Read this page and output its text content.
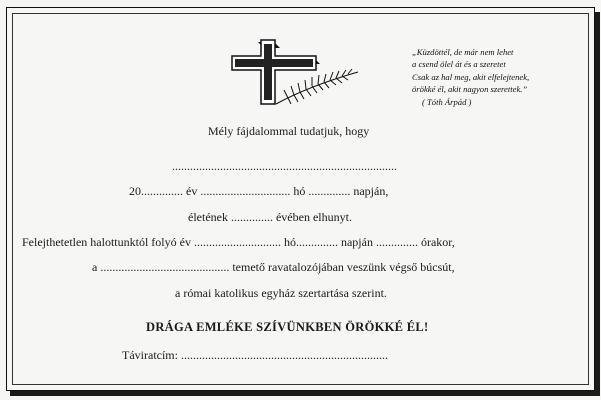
„Küzdöttél, de már nem lehet
a csend ölel át és a szeretet
Csak az hal meg, akit elfelejtenek,
örökké él, akit nagyon szerettek.”
( Tóth Árpád )
Mély fájdalommal tudatjuk, hogy
...........................................................................
20.............. év .............................. hó .............. napján,
életének .............. évében elhunyt.
Felejthetetlen halottunktól folyó év ............................. hó.............. napján .............. órakor,
a ........................................... temető ravatalozójában veszünk végső búcsút,
a római katolikus egyház szertartása szerint.
DRÁGA EMLÉKE SZÍVÜNKBEN ÖRÖKKÉ ÉL!
Táviratcím: .....................................................................
